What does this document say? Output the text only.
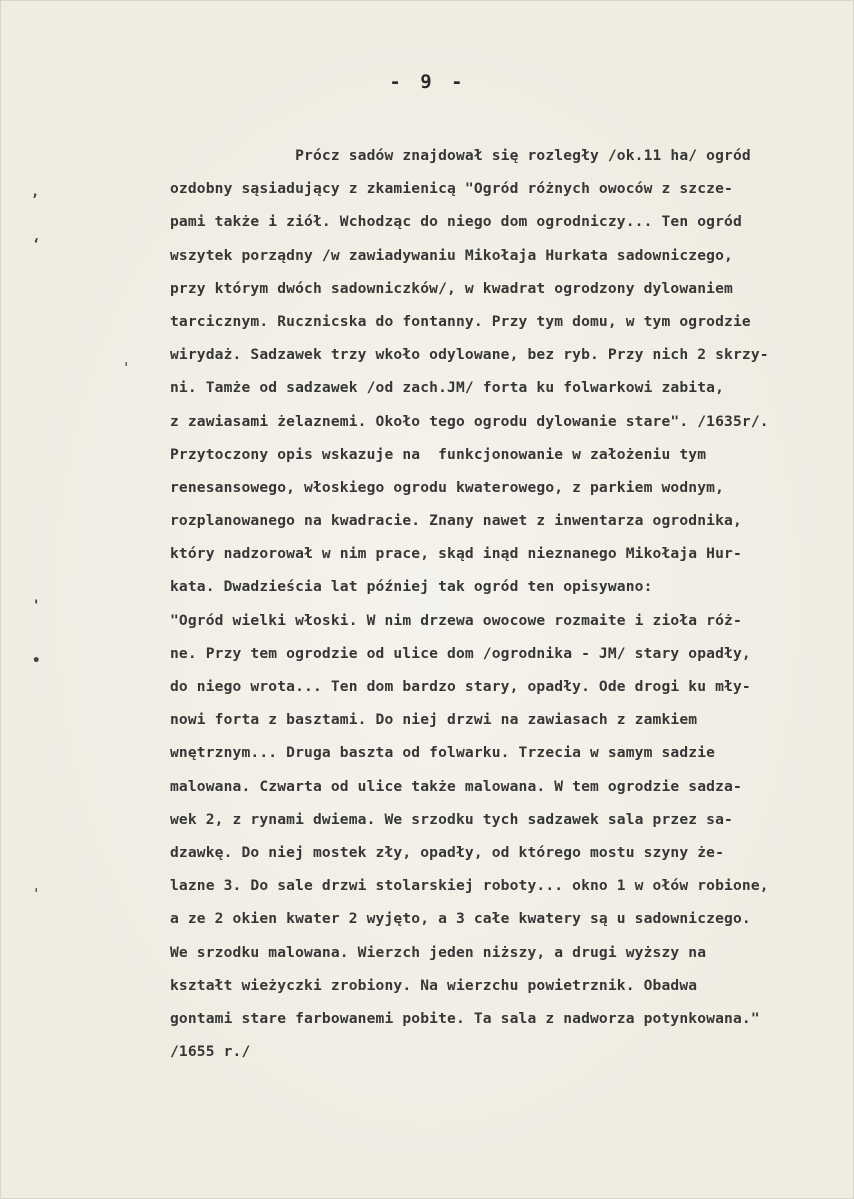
- 9 -
,
‘
ˌ
'
•
ˌ
Prócz sadów znajdował się rozległy /ok.11 ha/ ogród
ozdobny sąsiadujący z zkamienicą "Ogród różnych owoców z szcze-
pami także i ziół. Wchodząc do niego dom ogrodniczy... Ten ogród
wszytek porządny /w zawiadywaniu Mikołaja Hurkata sadowniczego,
przy którym dwóch sadowniczków/, w kwadrat ogrodzony dylowaniem
tarcicznym. Rucznicska do fontanny. Przy tym domu, w tym ogrodzie
wirydaż. Sadzawek trzy wkoło odylowane, bez ryb. Przy nich 2 skrzy-
ni. Tamże od sadzawek /od zach.JM/ forta ku folwarkowi zabita,
z zawiasami żelaznemi. Około tego ogrodu dylowanie stare". /1635r/.
Przytoczony opis wskazuje na  funkcjonowanie w założeniu tym
renesansowego, włoskiego ogrodu kwaterowego, z parkiem wodnym,
rozplanowanego na kwadracie. Znany nawet z inwentarza ogrodnika,
który nadzorował w nim prace, skąd inąd nieznanego Mikołaja Hur-
kata. Dwadzieścia lat później tak ogród ten opisywano:
"Ogród wielki włoski. W nim drzewa owocowe rozmaite i zioła róż-
ne. Przy tem ogrodzie od ulice dom /ogrodnika - JM/ stary opadły,
do niego wrota... Ten dom bardzo stary, opadły. Ode drogi ku mły-
nowi forta z basztami. Do niej drzwi na zawiasach z zamkiem
wnętrznym... Druga baszta od folwarku. Trzecia w samym sadzie
malowana. Czwarta od ulice także malowana. W tem ogrodzie sadza-
wek 2, z rynami dwiema. We srzodku tych sadzawek sala przez sa-
dzawkę. Do niej mostek zły, opadły, od którego mostu szyny że-
lazne 3. Do sale drzwi stolarskiej roboty... okno 1 w ołów robione,
a ze 2 okien kwater 2 wyjęto, a 3 całe kwatery są u sadowniczego.
We srzodku malowana. Wierzch jeden niższy, a drugi wyższy na
kształt wieżyczki zrobiony. Na wierzchu powietrznik. Obadwa
gontami stare farbowanemi pobite. Ta sala z nadworza potynkowana."
/1655 r./
